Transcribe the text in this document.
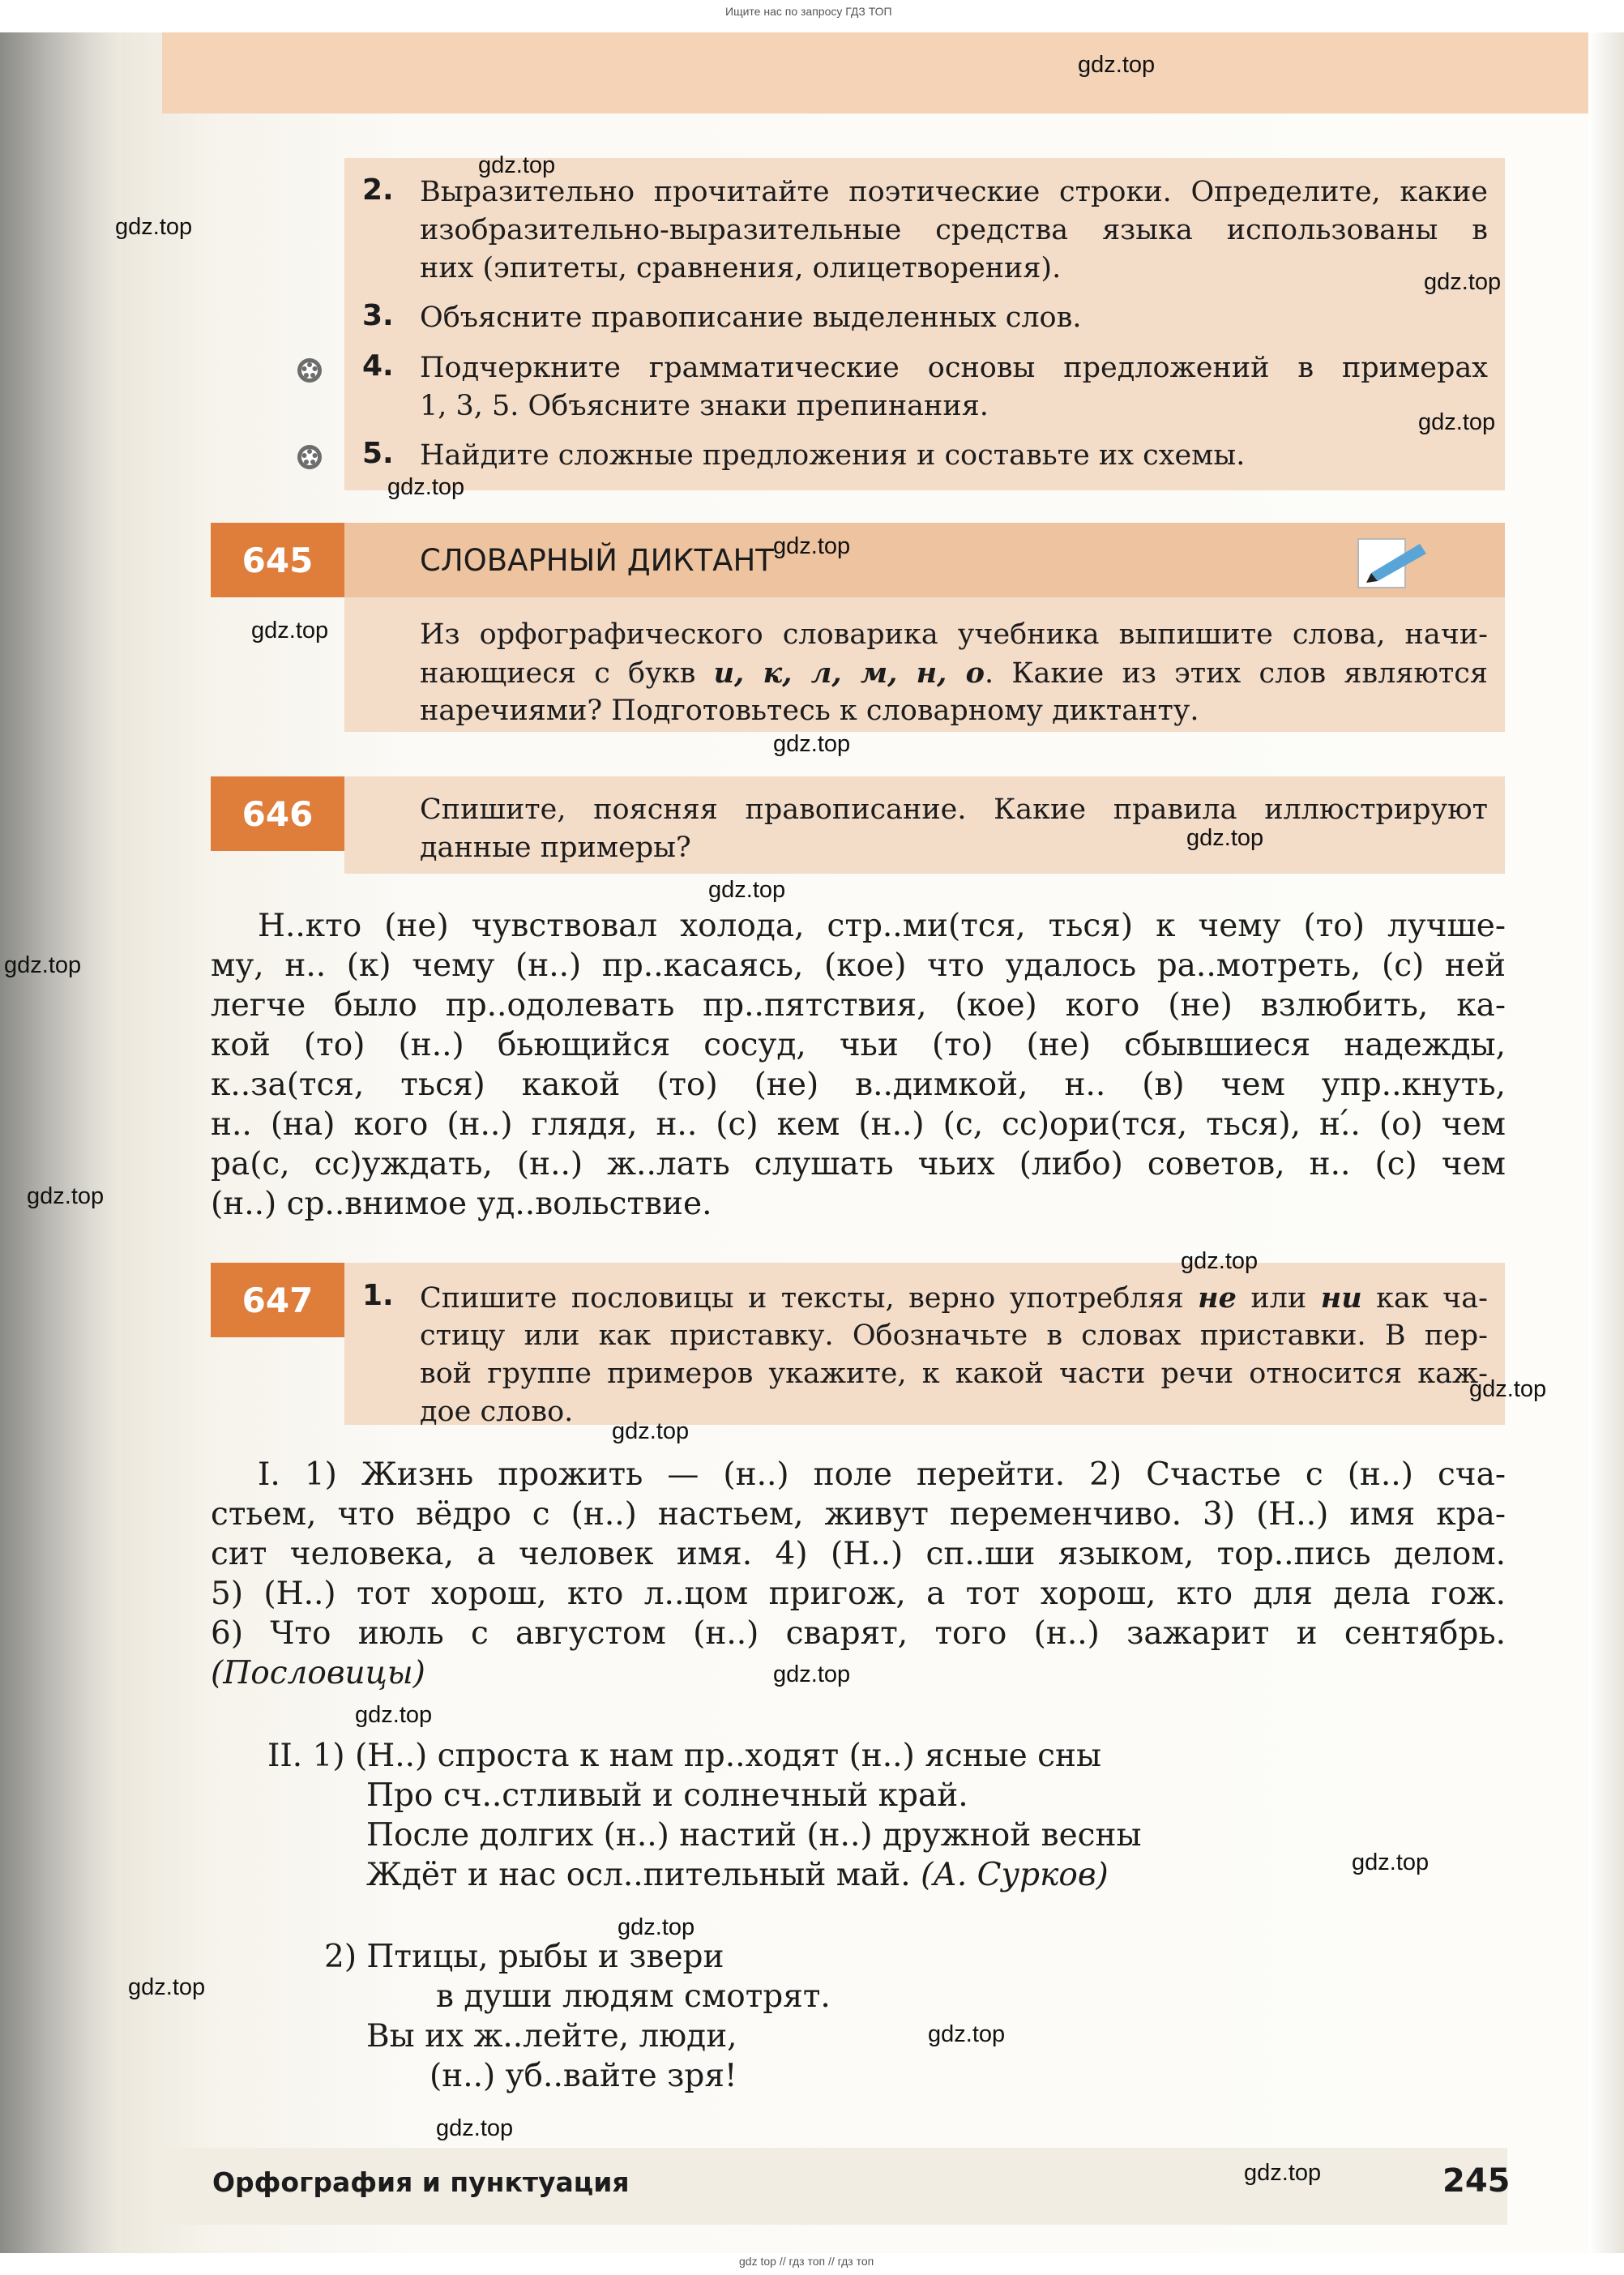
Ищите нас по запросу ГДЗ ТОП
2. Выразительно прочитайте поэтические строки. Определите, какие

изобразительно-выразительные средства языка использованы в

них (эпитеты, сравнения, олицетворения).

3. Объясните правописание выделенных слов.

4. Подчеркните грамматические основы предложений в примерах

1, 3, 5. Объясните знаки препинания.

5. Найдите сложные предложения и составьте их схемы.

645	СЛОВАРНЫЙ ДИКТАНТ

Из орфографического словарика учебника выпишите слова, начи-

нающиеся с букв и, к, л, м, н, о. Какие из этих слов являются

наречиями? Подготовьтесь к словарному диктанту.

646	Спишите, поясняя правописание. Какие правила иллюстрируют

данные примеры?

Н..кто (не) чувствовал холода, стр..ми(тся, ться) к чему (то) лучше-

му, н.. (к) чему (н..) пр..касаясь, (кое) что удалось ра..мотреть, (с) ней

легче было пр..одолевать пр..пятствия, (кое) кого (не) взлюбить, ка-

кой (то) (н..) бьющийся сосуд, чьи (то) (не) сбывшиеся надежды,

к..за(тся, ться) какой (то) (не) в..димкой, н.. (в) чем упр..кнуть,

н.. (на) кого (н..) глядя, н.. (с) кем (н..) (с, сс)ори(тся, ться), н.́. (о) чем

ра(с, сс)уждать, (н..) ж..лать слушать чьих (либо) советов, н.. (с) чем

(н..) ср..внимое уд..вольствие.

647	1. Спишите пословицы и тексты, верно употребляя не или ни как ча-

стицу или как приставку. Обозначьте в словах приставки. В пер-

вой группе примеров укажите, к какой части речи относится каж-

дое слово.

I. 1) Жизнь прожить — (н..) поле перейти. 2) Счастье с (н..) сча-

стьем, что вёдро с (н..) настьем, живут переменчиво. 3) (Н..) имя кра-

сит человека, а человек имя. 4) (Н..) сп..ши языком, тор..пись делом.

5) (Н..) тот хорош, кто л..цом пригож, а тот хорош, кто для дела гож.

6) Что июль с августом (н..) сварят, того (н..) зажарит и сентябрь.

(Пословицы)

II. 1) (Н..) спроста к нам пр..ходят (н..) ясные сны

Про сч..стливый и солнечный край.

После долгих (н..) настий (н..) дружной весны

Ждёт и нас осл..пительный май. (А. Сурков)

2) Птицы, рыбы и звери

в души людям смотрят.

Вы их ж..лейте, люди,

(н..) уб..вайте зря!

Орфография и пунктуация	245
gdz top // гдз топ // гдз топ
gdz.top
gdz.top
gdz.top
gdz.top
gdz.top
gdz.top
gdz.top
gdz.top
gdz.top
gdz.top
gdz.top
gdz.top
gdz.top
gdz.top
gdz.top
gdz.top
gdz.top
gdz.top
gdz.top
gdz.top
gdz.top
gdz.top
gdz.top
gdz.top
